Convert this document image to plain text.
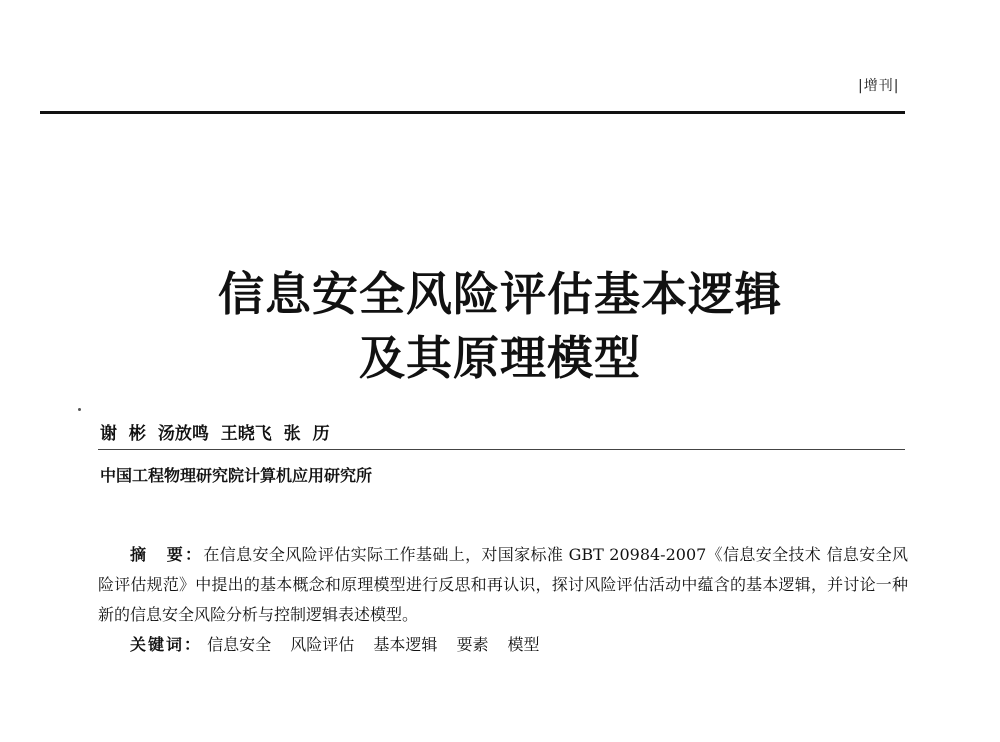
|增刊|
信息安全风险评估基本逻辑
及其原理模型
谢 彬 汤放鸣 王晓飞 张 历
中国工程物理研究院计算机应用研究所

摘　要：在信息安全风险评估实际工作基础上，对国家标准 GBT 20984-2007《信息安全技术 信息安全风险评估规范》中提出的基本概念和原理模型进行反思和再认识，探讨风险评估活动中蕴含的基本逻辑，并讨论一种新的信息安全风险分析与控制逻辑表述模型。

关键词： 信息安全 风险评估 基本逻辑 要素 模型
